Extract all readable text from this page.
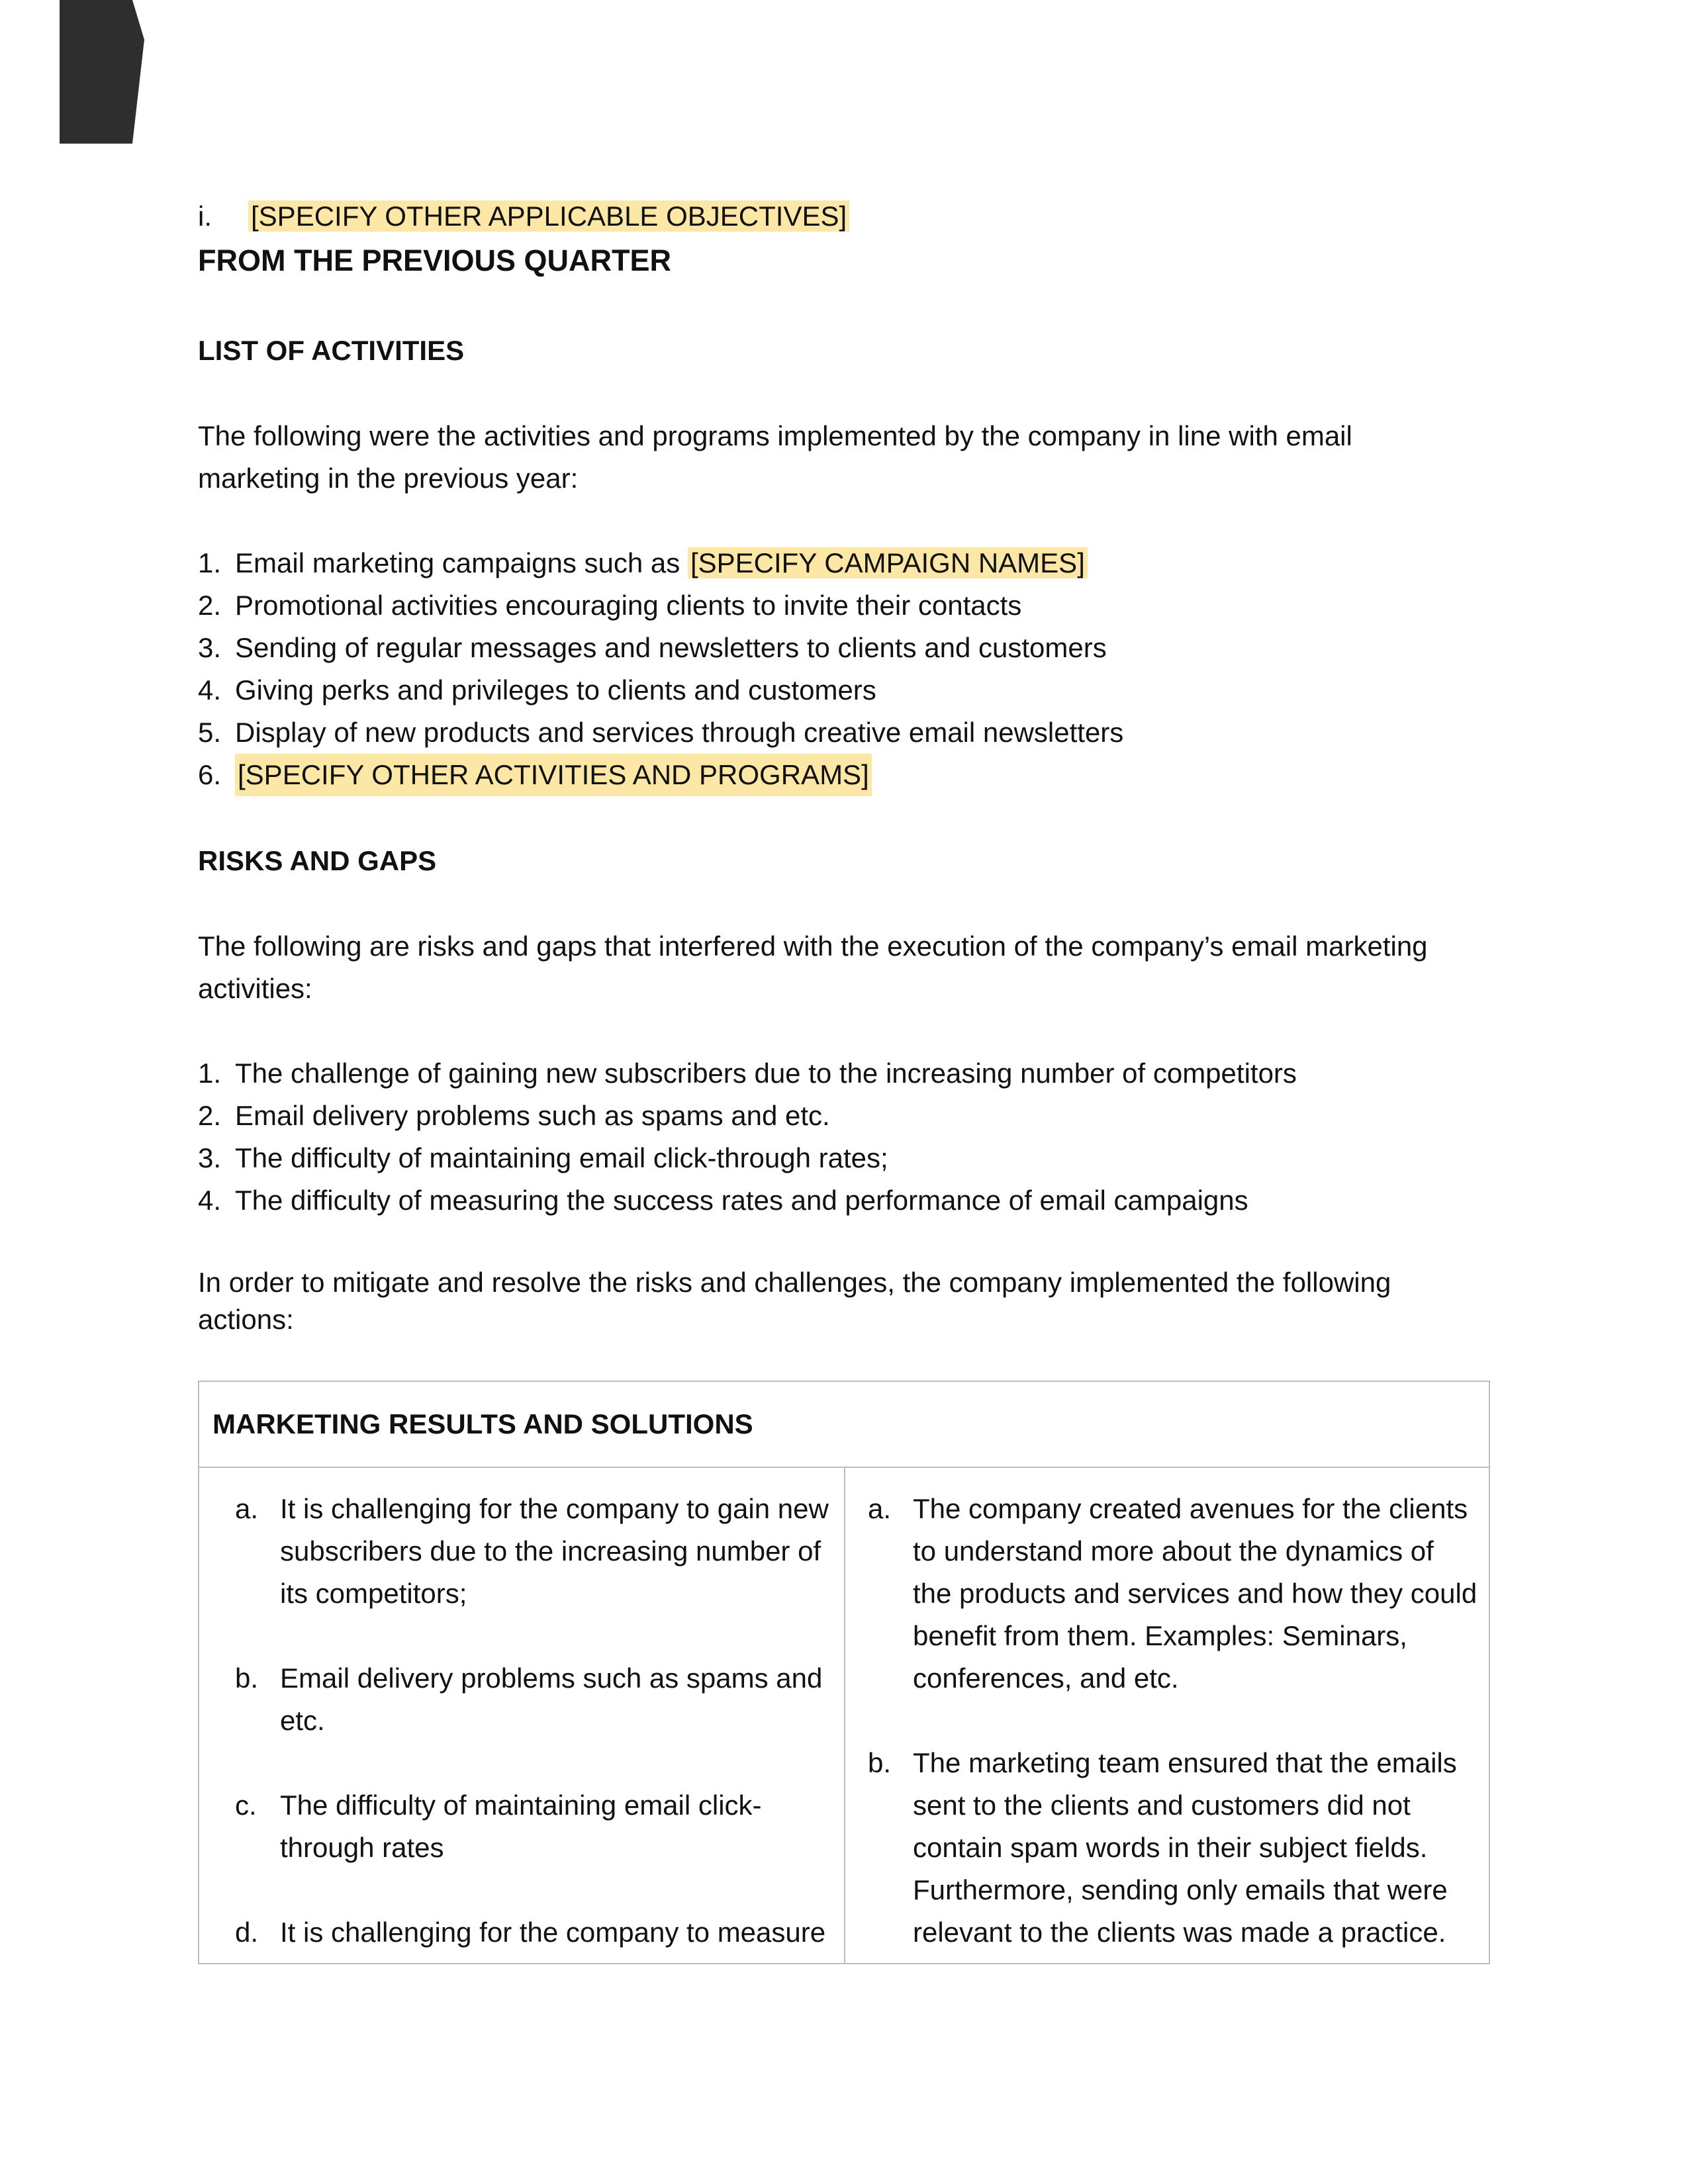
i. [SPECIFY OTHER APPLICABLE OBJECTIVES]
FROM THE PREVIOUS QUARTER
LIST OF ACTIVITIES
The following were the activities and programs implemented by the company in line with email
marketing in the previous year:
1. Email marketing campaigns such as [SPECIFY CAMPAIGN NAMES]
2. Promotional activities encouraging clients to invite their contacts
3. Sending of regular messages and newsletters to clients and customers
4. Giving perks and privileges to clients and customers
5. Display of new products and services through creative email newsletters
6. [SPECIFY OTHER ACTIVITIES AND PROGRAMS]
RISKS AND GAPS
The following are risks and gaps that interfered with the execution of the company’s email marketing
activities:
1. The challenge of gaining new subscribers due to the increasing number of competitors
2. Email delivery problems such as spams and etc.
3. The difficulty of maintaining email click-through rates;
4. The difficulty of measuring the success rates and performance of email campaigns
In order to mitigate and resolve the risks and challenges, the company implemented the following
actions:
MARKETING RESULTS AND SOLUTIONS
a. It is challenging for the company to gain new subscribers due to the increasing number of its competitors;
b. Email delivery problems such as spams and etc.
c. The difficulty of maintaining email click-through rates
d. It is challenging for the company to measure
a. The company created avenues for the clients to understand more about the dynamics of the products and services and how they could benefit from them. Examples: Seminars, conferences, and etc.
b. The marketing team ensured that the emails sent to the clients and customers did not contain spam words in their subject fields. Furthermore, sending only emails that were relevant to the clients was made a practice.
